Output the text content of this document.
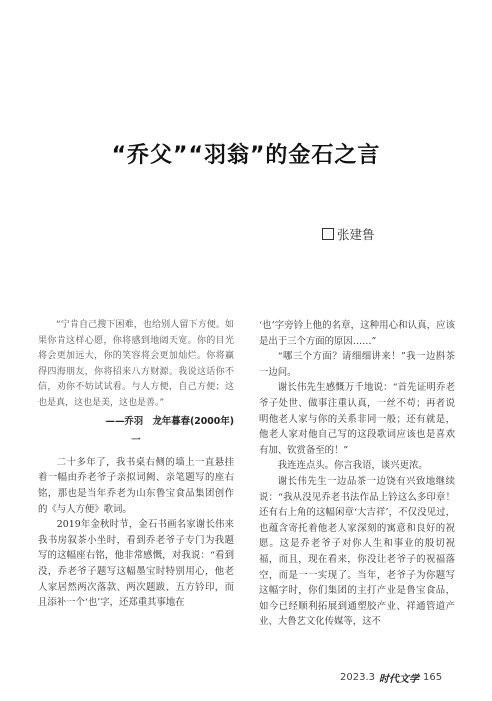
“乔父”“羽翁”的金石之言
张建鲁

“宁肯自己搜下困难，也给别人留下方便。如果你肯这样心愿，你将感到地阔天宽。你的目光将会更加远大，你的笑容将会更加灿烂。你将赢得四海朋友，你将招来八方财源。我说这话你不信，劝你不妨试试看。与人方便，自己方便；这也是真，这也是美，这也是善。”

——乔羽　龙年暮春(2000年)
一

二十多年了，我书桌右侧的墙上一直悬挂着一幅由乔老爷子亲拟词阙、亲笔题写的座右铭，那也是当年乔老为山东鲁宝食品集团创作的《与人方便》歌词。

2019年金秋时节，金石书画名家谢长伟来我书房叙茶小坐时，看到乔老爷子专门为我题写的这幅座右铭，他非常感慨，对我说：“看到没，乔老爷子题写这幅墨宝时特别用心，他老人家居然两次落款、两次题跋、五方钤印，而且添补一个‘也’字，还郑重其事地在

‘也’字旁钤上他的名章，这种用心和认真，应该是出于三个方面的原因……”

“哪三个方面？请细细讲来！”我一边斟茶一边问。

谢长伟先生感慨万千地说：“首先证明乔老爷子处世、做事注重认真，一丝不苟；再者说明他老人家与你的关系非同一般；还有就是，他老人家对他自己写的这段歌词应该也是喜欢有加、钦赏备至的！”

我连连点头。你言我语，谈兴更浓。

谢长伟先生一边品茶一边饶有兴致地继续说：“我从没见乔老书法作品上钤这么多印章！还有右上角的这幅闲章‘大吉祥’，不仅没见过，也蕴含寄托着他老人家深刻的寓意和良好的祝愿。这是乔老爷子对你人生和事业的殷切祝福，而且，现在看来，你没让老爷子的祝福落空，而是一一实现了。当年，老爷子为你题写这幅字时，你们集团的主打产业是鲁宝食品，如今已经顺利拓展到通塑胶产业、祥通管道产业、大鲁艺文化传媒等，这不

2023.3 时代文学 165
